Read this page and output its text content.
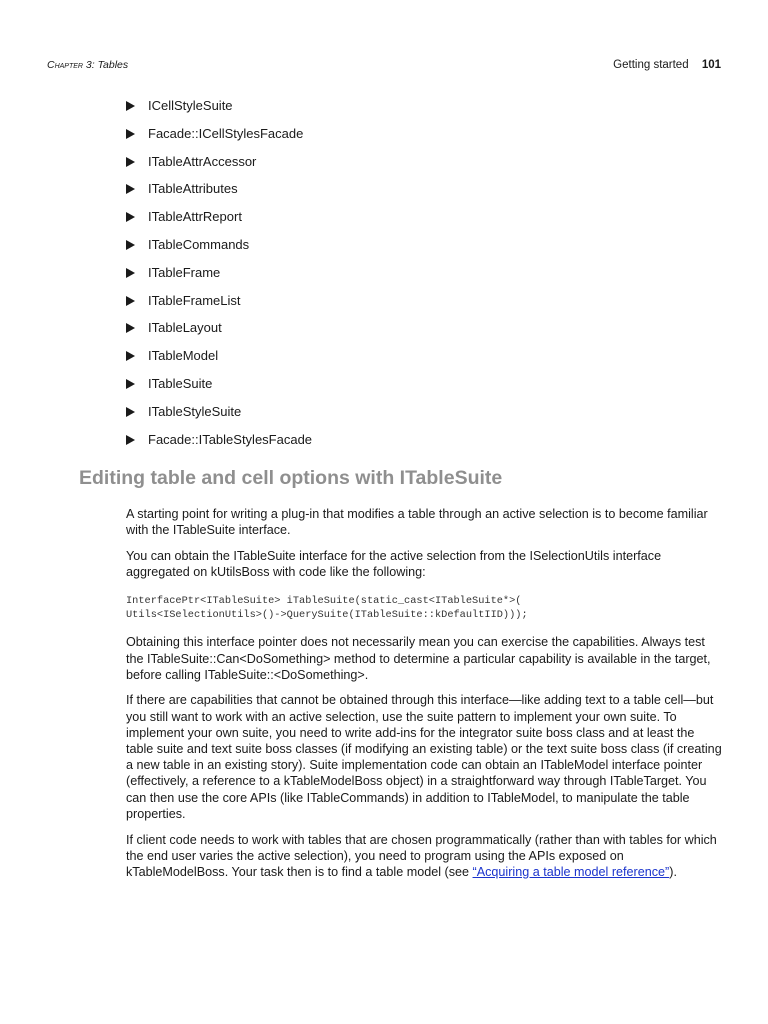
Chapter 3: Tables	Getting started 101
ICellStyleSuite
Facade::ICellStylesFacade
ITableAttrAccessor
ITableAttributes
ITableAttrReport
ITableCommands
ITableFrame
ITableFrameList
ITableLayout
ITableModel
ITableSuite
ITableStyleSuite
Facade::ITableStylesFacade
Editing table and cell options with ITableSuite

A starting point for writing a plug-in that modifies a table through an active selection is to become familiar with the ITableSuite interface.

You can obtain the ITableSuite interface for the active selection from the ISelectionUtils interface aggregated on kUtilsBoss with code like the following:

InterfacePtr<ITableSuite> iTableSuite(static_cast<ITableSuite*>(
Utils<ISelectionUtils>()->QuerySuite(ITableSuite::kDefaultIID)));

Obtaining this interface pointer does not necessarily mean you can exercise the capabilities. Always test the ITableSuite::Can<DoSomething> method to determine a particular capability is available in the target, before calling ITableSuite::<DoSomething>.

If there are capabilities that cannot be obtained through this interface—like adding text to a table cell—but you still want to work with an active selection, use the suite pattern to implement your own suite. To implement your own suite, you need to write add-ins for the integrator suite boss class and at least the table suite and text suite boss classes (if modifying an existing table) or the text suite boss class (if creating a new table in an existing story). Suite implementation code can obtain an ITableModel interface pointer (effectively, a reference to a kTableModelBoss object) in a straightforward way through ITableTarget. You can then use the core APIs (like ITableCommands) in addition to ITableModel, to manipulate the table properties.

If client code needs to work with tables that are chosen programmatically (rather than with tables for which the end user varies the active selection), you need to program using the APIs exposed on kTableModelBoss. Your task then is to find a table model (see “Acquiring a table model reference”).
